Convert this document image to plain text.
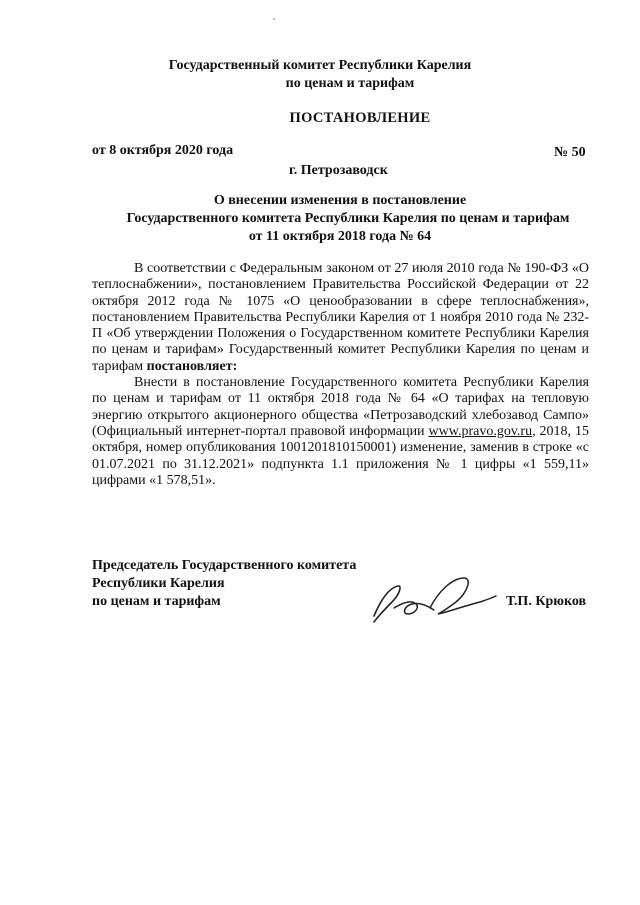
Государственный комитет Республики Карелия
по ценам и тарифам
ПОСТАНОВЛЕНИЕ
от 8 октября 2020 года	№ 50
г. Петрозаводск
О внесении изменения в постановление
Государственного комитета Республики Карелия по ценам и тарифам
от 11 октября 2018 года № 64

В соответствии с Федеральным законом от 27 июля 2010 года № 190-ФЗ «О теплоснабжении», постановлением Правительства Российской Федерации от 22 октября 2012 года № 1075 «О ценообразовании в сфере теплоснабжения», постановлением Правительства Республики Карелия от 1 ноября 2010 года № 232-П «Об утверждении Положения о Государственном комитете Республики Карелия по ценам и тарифам» Государственный комитет Республики Карелия по ценам и тарифам постановляет:

Внести в постановление Государственного комитета Республики Карелия по ценам и тарифам от 11 октября 2018 года № 64 «О тарифах на тепловую энергию открытого акционерного общества «Петрозаводский хлебозавод Сампо» (Официальный интернет-портал правовой информации www.pravo.gov.ru, 2018, 15 октября, номер опубликования 1001201810150001) изменение, заменив в строке «с 01.07.2021 по 31.12.2021» подпункта 1.1 приложения № 1 цифры «1 559,11» цифрами «1 578,51».

Председатель Государственного комитета
Республики Карелия
по ценам и тарифам	Т.П. Крюков
